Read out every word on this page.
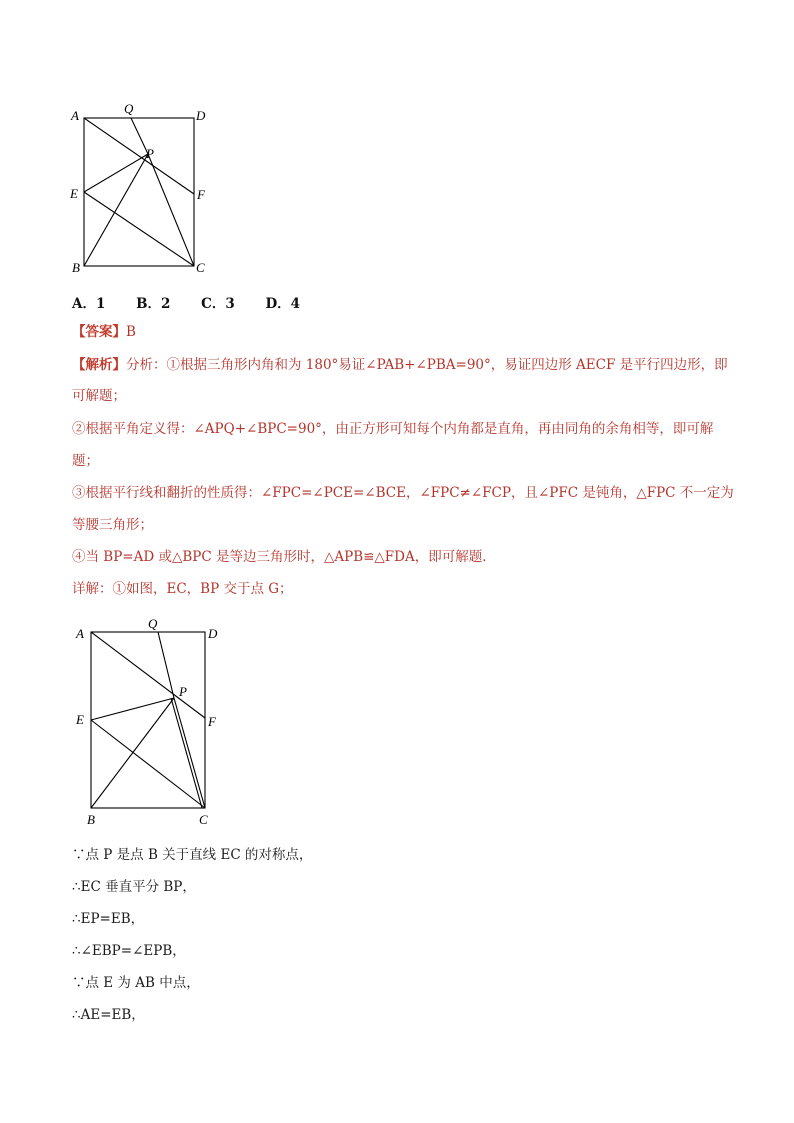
A	Q	D
P
E	F
B	C
A．1 B．2 C．3 D．4
【答案】B
【解析】分析：①根据三角形内角和为 180°易证∠PAB+∠PBA=90°，易证四边形 AECF 是平行四边形，即
可解题；
②根据平角定义得：∠APQ+∠BPC=90°，由正方形可知每个内角都是直角，再由同角的余角相等，即可解
题；
③根据平行线和翻折的性质得：∠FPC=∠PCE=∠BCE，∠FPC≠∠FCP，且∠PFC 是钝角，△FPC 不一定为
等腰三角形；
④当 BP=AD 或△BPC 是等边三角形时，△APB≌△FDA，即可解题．
详解：①如图，EC，BP 交于点 G；
A
Q
D
P
E	F
B	C
∵点 P 是点 B 关于直线 EC 的对称点，
∴EC 垂直平分 BP，
∴EP=EB，
∴∠EBP=∠EPB，
∵点 E 为 AB 中点，
∴AE=EB，
